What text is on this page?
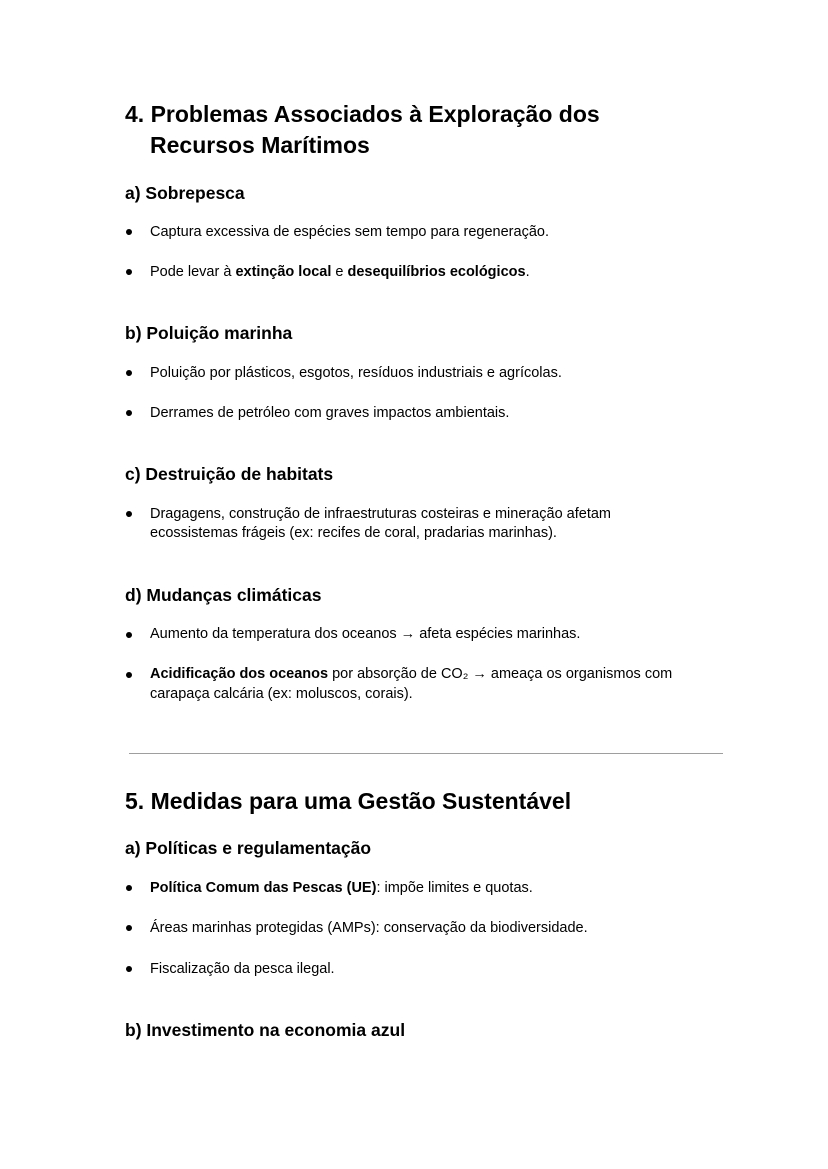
4. Problemas Associados à Exploração dos
Recursos Marítimos
a) Sobrepesca
Captura excessiva de espécies sem tempo para regeneração.
Pode levar à extinção local e desequilíbrios ecológicos.
b) Poluição marinha
Poluição por plásticos, esgotos, resíduos industriais e agrícolas.
Derrames de petróleo com graves impactos ambientais.
c) Destruição de habitats
Dragagens, construção de infraestruturas costeiras e mineração afetam
ecossistemas frágeis (ex: recifes de coral, pradarias marinhas).
d) Mudanças climáticas
Aumento da temperatura dos oceanos → afeta espécies marinhas.
Acidificação dos oceanos por absorção de CO₂ → ameaça os organismos com
carapaça calcária (ex: moluscos, corais).
5. Medidas para uma Gestão Sustentável
a) Políticas e regulamentação
Política Comum das Pescas (UE): impõe limites e quotas.
Áreas marinhas protegidas (AMPs): conservação da biodiversidade.
Fiscalização da pesca ilegal.
b) Investimento na economia azul
